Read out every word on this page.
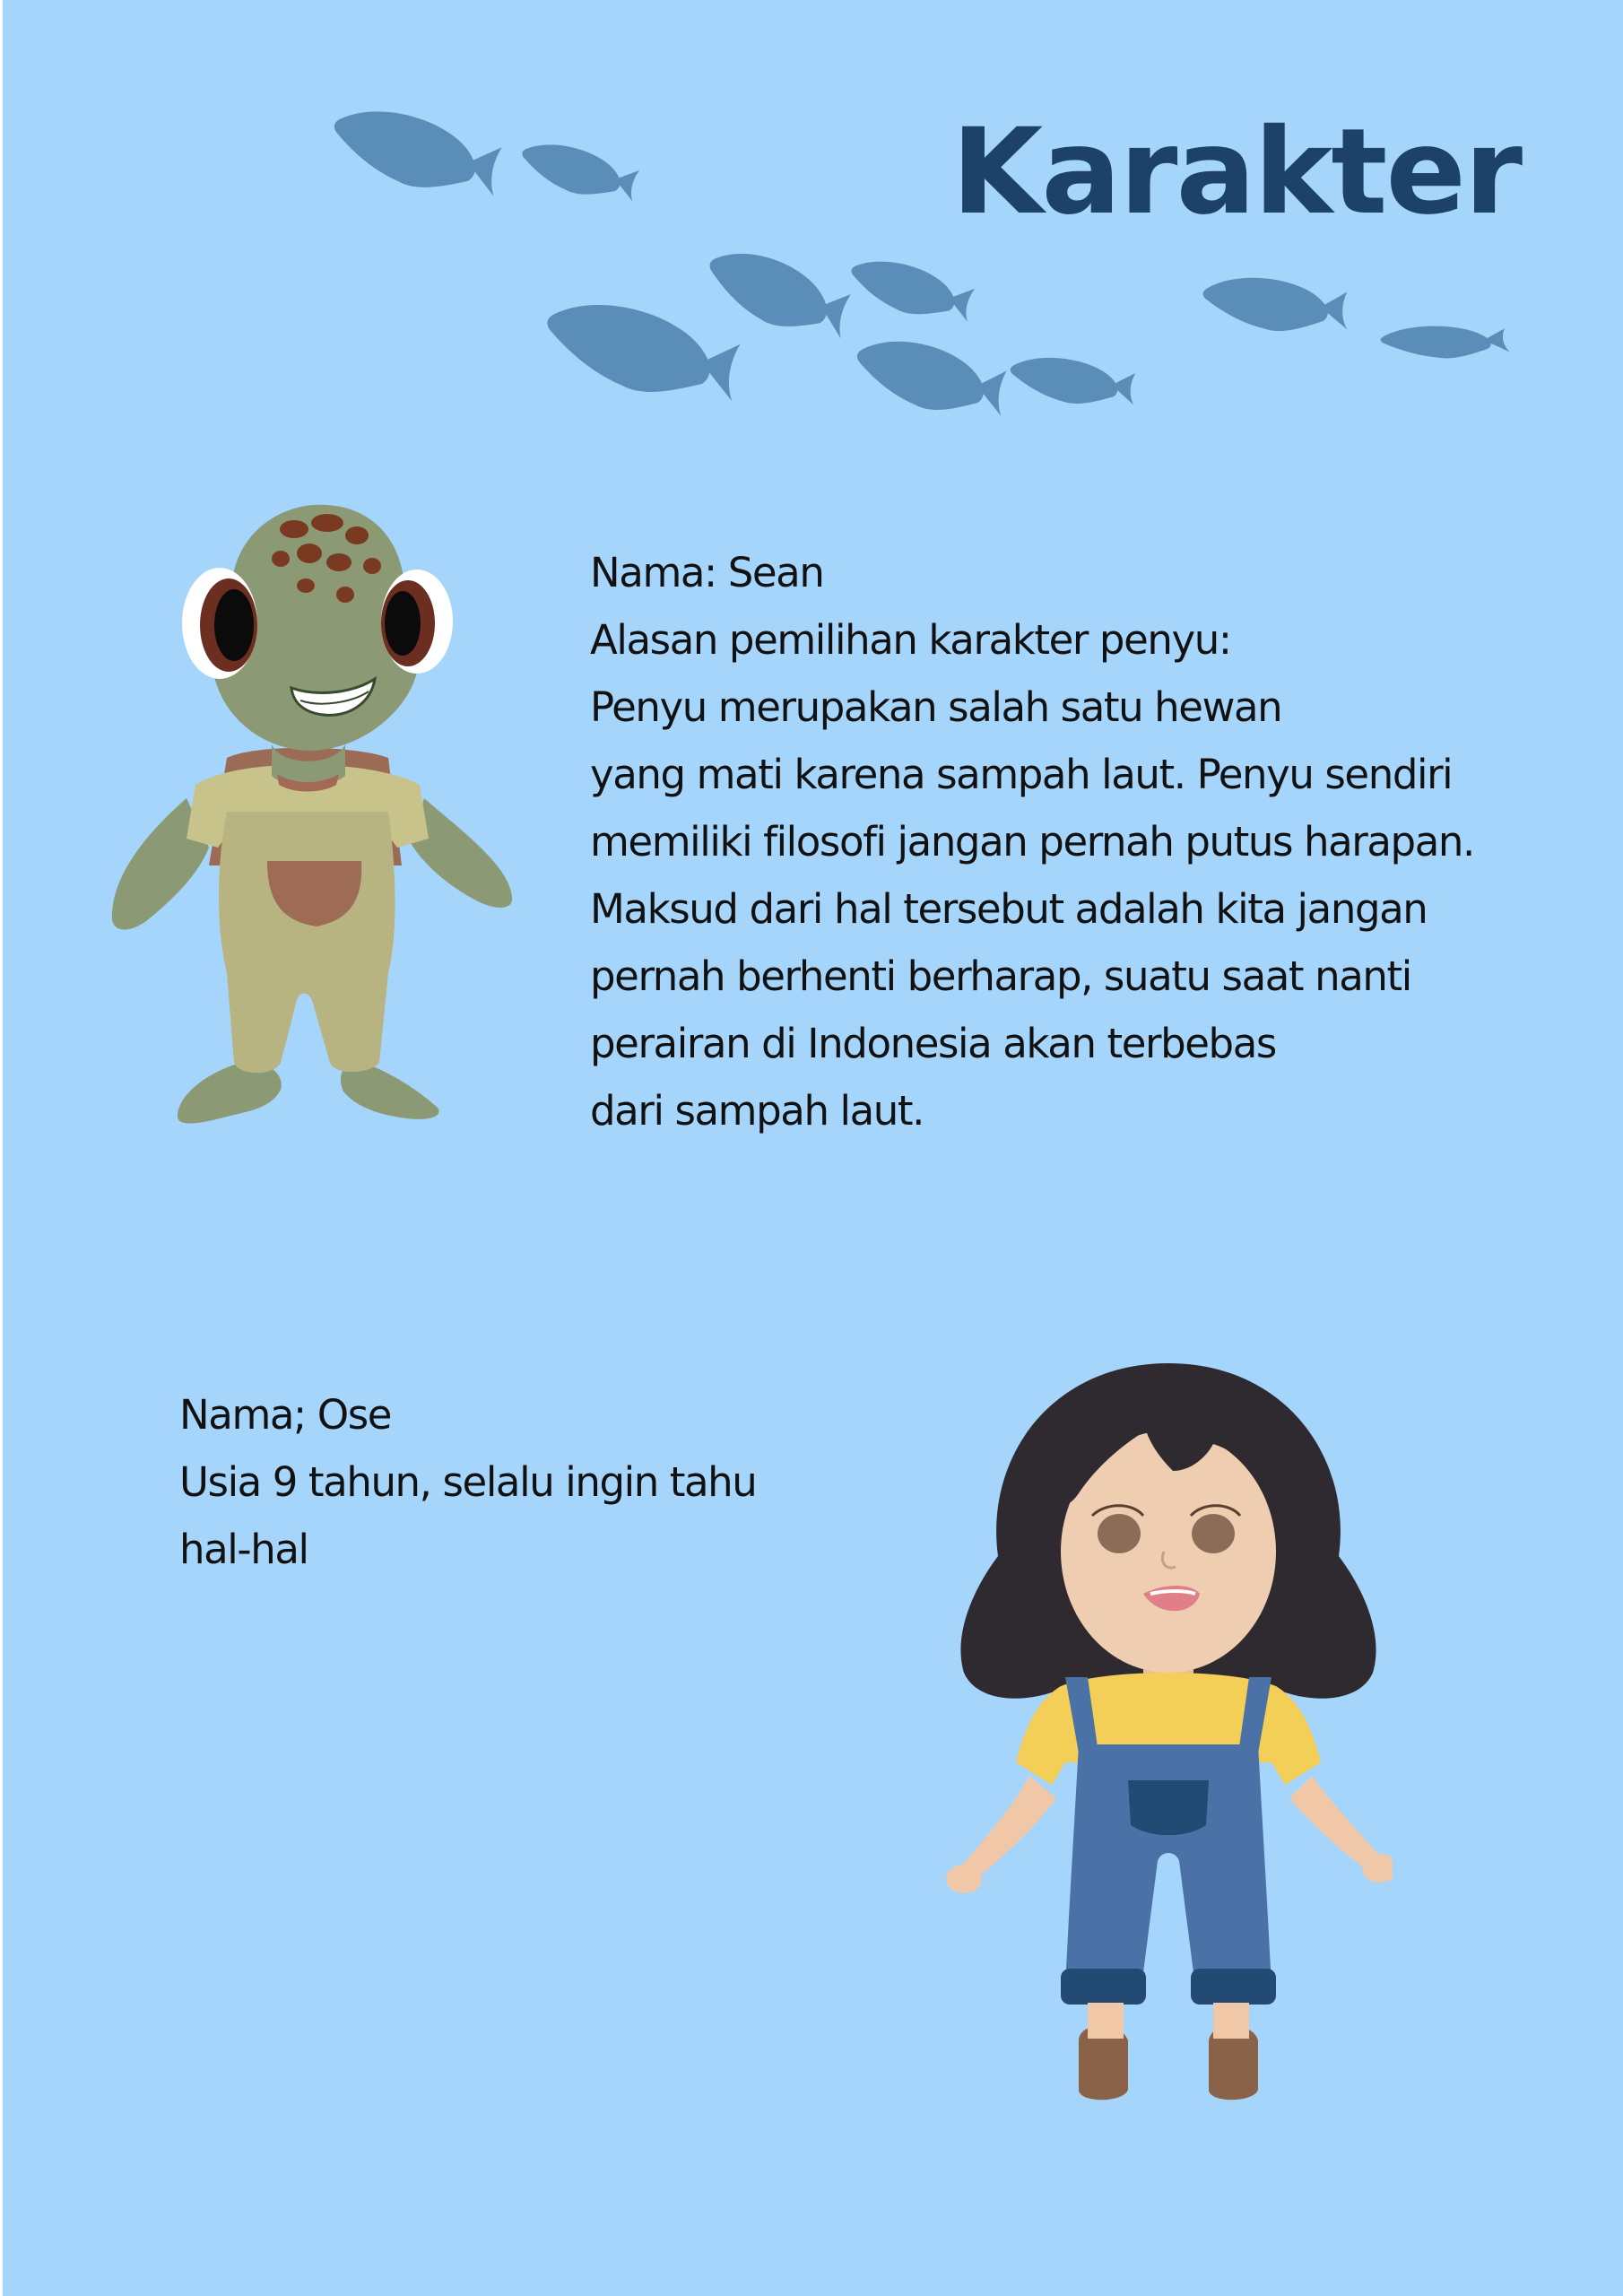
Karakter
Nama: Sean
Alasan pemilihan karakter penyu:
Penyu merupakan salah satu hewan
yang mati karena sampah laut. Penyu sendiri
memiliki filosofi jangan pernah putus harapan.
Maksud dari hal tersebut adalah kita jangan
pernah berhenti berharap, suatu saat nanti
perairan di Indonesia akan terbebas
dari sampah laut.
Nama; Ose
Usia 9 tahun, selalu ingin tahu
hal-hal
